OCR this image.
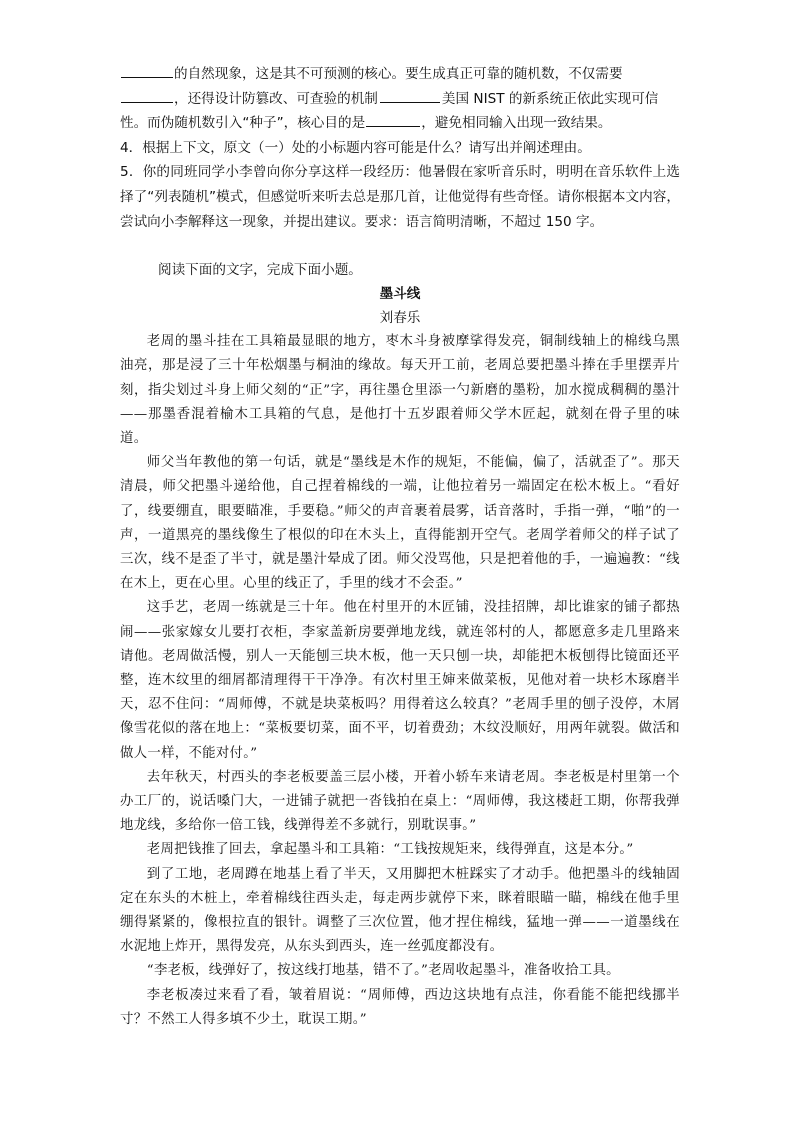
的自然现象，这是其不可预测的核心。要生成真正可靠的随机数，不仅需要
，还得设计防篡改、可查验的机制	美国 NIST 的新系统正依此实现可信
性。而伪随机数引入“种子”，核心目的是	，避免相同输入出现一致结果。

4．根据上下文，原文（一）处的小标题内容可能是什么？请写出并阐述理由。

5．你的同班同学小李曾向你分享这样一段经历：他暑假在家听音乐时，明明在音乐软件上选择了“列表随机”模式，但感觉听来听去总是那几首，让他觉得有些奇怪。请你根据本文内容，尝试向小李解释这一现象，并提出建议。要求：语言简明清晰，不超过 150 字。

阅读下面的文字，完成下面小题。

墨斗线

刘春乐

老周的墨斗挂在工具箱最显眼的地方，枣木斗身被摩挲得发亮，铜制线轴上的棉线乌黑油亮，那是浸了三十年松烟墨与桐油的缘故。每天开工前，老周总要把墨斗捧在手里摆弄片刻，指尖划过斗身上师父刻的“正”字，再往墨仓里添一勺新磨的墨粉，加水搅成稠稠的墨汁——那墨香混着榆木工具箱的气息，是他打十五岁跟着师父学木匠起，就刻在骨子里的味道。

师父当年教他的第一句话，就是“墨线是木作的规矩，不能偏，偏了，活就歪了”。那天清晨，师父把墨斗递给他，自己捏着棉线的一端，让他拉着另一端固定在松木板上。“看好了，线要绷直，眼要瞄准，手要稳。”师父的声音裹着晨雾，话音落时，手指一弹，“啪”的一声，一道黑亮的墨线像生了根似的印在木头上，直得能割开空气。老周学着师父的样子试了三次，线不是歪了半寸，就是墨汁晕成了团。师父没骂他，只是把着他的手，一遍遍教：“线在木上，更在心里。心里的线正了，手里的线才不会歪。”

这手艺，老周一练就是三十年。他在村里开的木匠铺，没挂招牌，却比谁家的铺子都热闹——张家嫁女儿要打衣柜，李家盖新房要弹地龙线，就连邻村的人，都愿意多走几里路来请他。老周做活慢，别人一天能刨三块木板，他一天只刨一块，却能把木板刨得比镜面还平整，连木纹里的细屑都清理得干干净净。有次村里王婶来做菜板，见他对着一块杉木琢磨半天，忍不住问：“周师傅，不就是块菜板吗？用得着这么较真？”老周手里的刨子没停，木屑像雪花似的落在地上：“菜板要切菜，面不平，切着费劲；木纹没顺好，用两年就裂。做活和做人一样，不能对付。”

去年秋天，村西头的李老板要盖三层小楼，开着小轿车来请老周。李老板是村里第一个办工厂的，说话嗓门大，一进铺子就把一沓钱拍在桌上：“周师傅，我这楼赶工期，你帮我弹地龙线，多给你一倍工钱，线弹得差不多就行，别耽误事。”

老周把钱推了回去，拿起墨斗和工具箱：“工钱按规矩来，线得弹直，这是本分。”

到了工地，老周蹲在地基上看了半天，又用脚把木桩踩实了才动手。他把墨斗的线轴固定在东头的木桩上，牵着棉线往西头走，每走两步就停下来，眯着眼瞄一瞄，棉线在他手里绷得紧紧的，像根拉直的银针。调整了三次位置，他才捏住棉线，猛地一弹——一道墨线在水泥地上炸开，黑得发亮，从东头到西头，连一丝弧度都没有。

“李老板，线弹好了，按这线打地基，错不了。”老周收起墨斗，准备收拾工具。

李老板凑过来看了看，皱着眉说：“周师傅，西边这块地有点洼，你看能不能把线挪半寸？不然工人得多填不少土，耽误工期。”
